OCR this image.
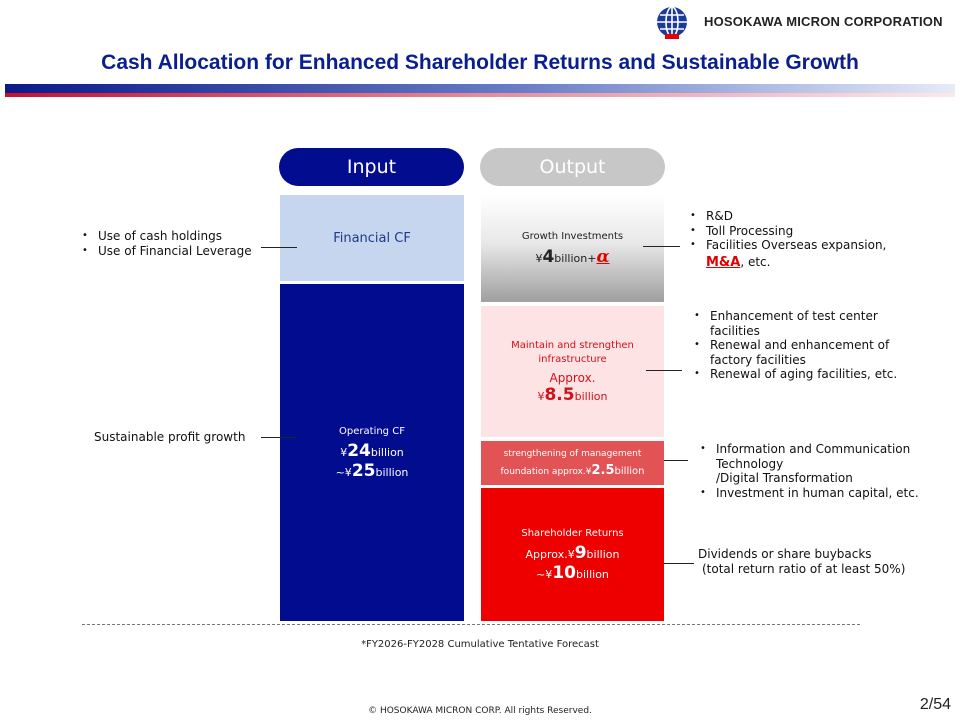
HOSOKAWA MICRON CORPORATION
Cash Allocation for Enhanced Shareholder Returns and Sustainable Growth
Input	Output
Financial CF
Operating CF
¥24billion
~¥25billion
Growth Investments
¥4billion+α
Maintain and strengthen
infrastructure
Approx.
¥8.5billion
strengthening of management
foundation approx.¥2.5billion
Shareholder Returns
Approx.¥9billion
~¥10billion
• Use of cash holdings
• Use of Financial Leverage
Sustainable profit growth
• R&D
• Toll Processing
• Facilities Overseas expansion,
M&A, etc.
• Enhancement of test center
facilities
• Renewal and enhancement of
factory facilities
• Renewal of aging facilities, etc.
• Information and Communication
Technology
/Digital Transformation
• Investment in human capital, etc.
Dividends or share buybacks
(total return ratio of at least 50%)
*FY2026-FY2028 Cumulative Tentative Forecast
© HOSOKAWA MICRON CORP. All rights Reserved.	2/54
